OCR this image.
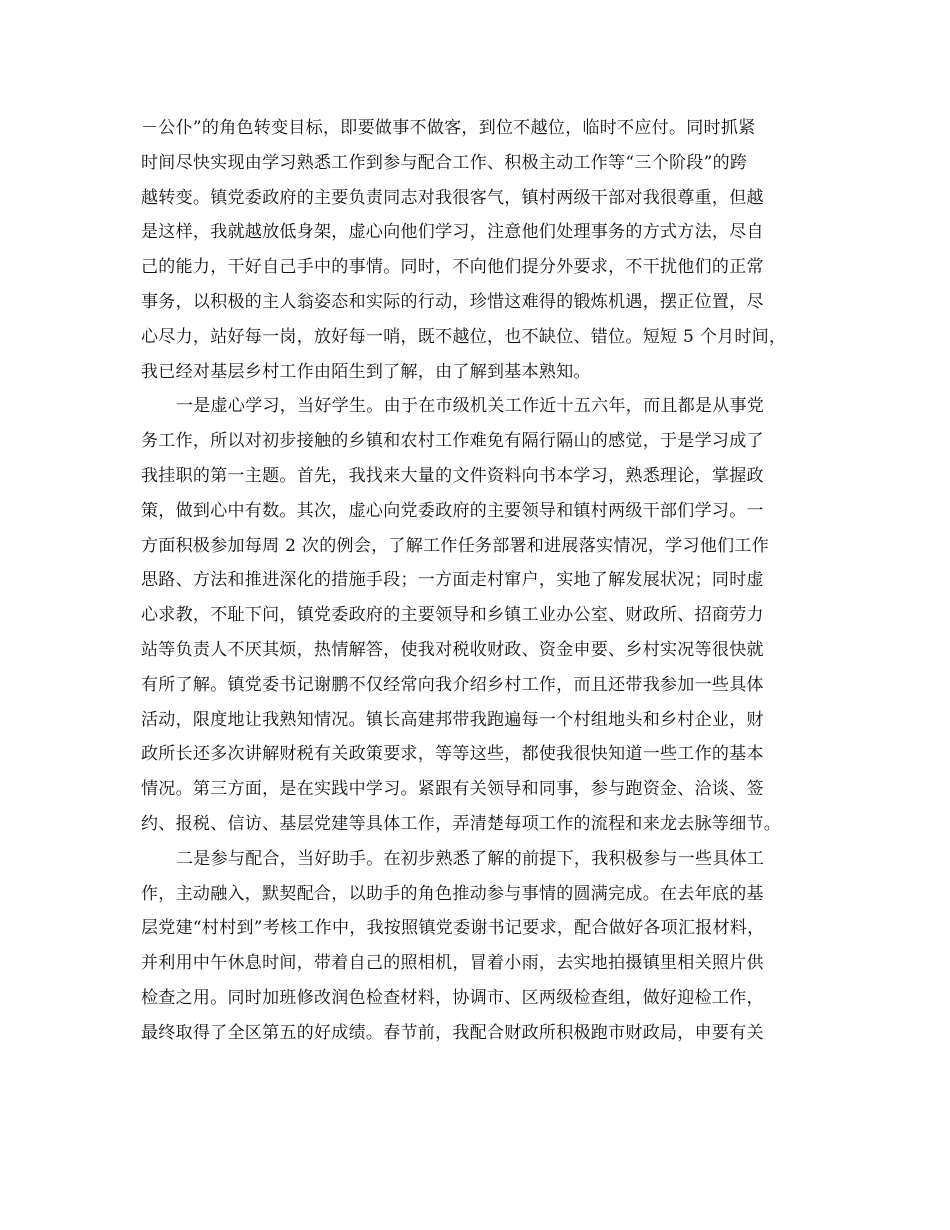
－公仆”的角色转变目标，即要做事不做客，到位不越位，临时不应付。同时抓紧
时间尽快实现由学习熟悉工作到参与配合工作、积极主动工作等“三个阶段”的跨
越转变。镇党委政府的主要负责同志对我很客气，镇村两级干部对我很尊重，但越
是这样，我就越放低身架，虚心向他们学习，注意他们处理事务的方式方法，尽自
己的能力，干好自己手中的事情。同时，不向他们提分外要求，不干扰他们的正常
事务，以积极的主人翁姿态和实际的行动，珍惜这难得的锻炼机遇，摆正位置，尽
心尽力，站好每一岗，放好每一哨，既不越位，也不缺位、错位。短短 5 个月时间，
我已经对基层乡村工作由陌生到了解，由了解到基本熟知。
一是虚心学习，当好学生。由于在市级机关工作近十五六年，而且都是从事党
务工作，所以对初步接触的乡镇和农村工作难免有隔行隔山的感觉，于是学习成了
我挂职的第一主题。首先，我找来大量的文件资料向书本学习，熟悉理论，掌握政
策，做到心中有数。其次，虚心向党委政府的主要领导和镇村两级干部们学习。一
方面积极参加每周 2 次的例会，了解工作任务部署和进展落实情况，学习他们工作
思路、方法和推进深化的措施手段；一方面走村窜户，实地了解发展状况；同时虚
心求教，不耻下问，镇党委政府的主要领导和乡镇工业办公室、财政所、招商劳力
站等负责人不厌其烦，热情解答，使我对税收财政、资金申要、乡村实况等很快就
有所了解。镇党委书记谢鹏不仅经常向我介绍乡村工作，而且还带我参加一些具体
活动，限度地让我熟知情况。镇长高建邦带我跑遍每一个村组地头和乡村企业，财
政所长还多次讲解财税有关政策要求，等等这些，都使我很快知道一些工作的基本
情况。第三方面，是在实践中学习。紧跟有关领导和同事，参与跑资金、洽谈、签
约、报税、信访、基层党建等具体工作，弄清楚每项工作的流程和来龙去脉等细节。
二是参与配合，当好助手。在初步熟悉了解的前提下，我积极参与一些具体工
作，主动融入，默契配合，以助手的角色推动参与事情的圆满完成。在去年底的基
层党建“村村到”考核工作中，我按照镇党委谢书记要求，配合做好各项汇报材料，
并利用中午休息时间，带着自己的照相机，冒着小雨，去实地拍摄镇里相关照片供
检查之用。同时加班修改润色检查材料，协调市、区两级检查组，做好迎检工作，
最终取得了全区第五的好成绩。春节前，我配合财政所积极跑市财政局，申要有关
